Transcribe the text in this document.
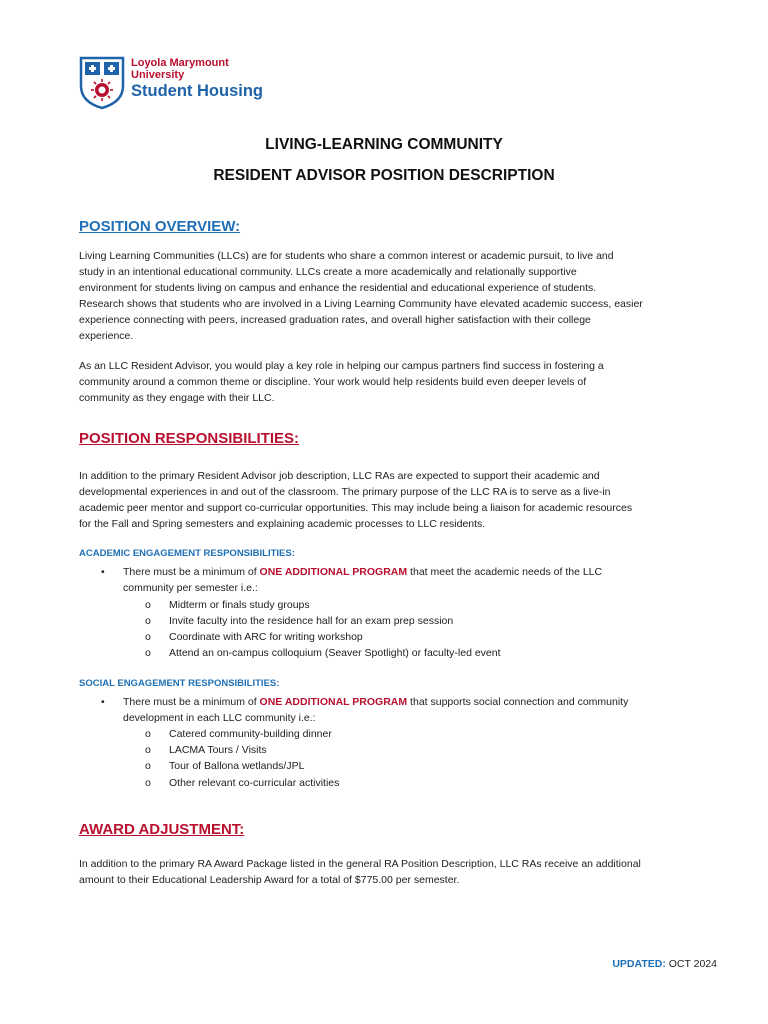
Loyola Marymount
University
Student Housing
LIVING-LEARNING COMMUNITY
RESIDENT ADVISOR POSITION DESCRIPTION
POSITION OVERVIEW:
Living Learning Communities (LLCs) are for students who share a common interest or academic pursuit, to live and
study in an intentional educational community. LLCs create a more academically and relationally supportive
environment for students living on campus and enhance the residential and educational experience of students.
Research shows that students who are involved in a Living Learning Community have elevated academic success, easier
experience connecting with peers, increased graduation rates, and overall higher satisfaction with their college
experience.
As an LLC Resident Advisor, you would play a key role in helping our campus partners find success in fostering a
community around a common theme or discipline. Your work would help residents build even deeper levels of
community as they engage with their LLC.
POSITION RESPONSIBILITIES:
In addition to the primary Resident Advisor job description, LLC RAs are expected to support their academic and
developmental experiences in and out of the classroom. The primary purpose of the LLC RA is to serve as a live-in
academic peer mentor and support co-curricular opportunities. This may include being a liaison for academic resources
for the Fall and Spring semesters and explaining academic processes to LLC residents.
ACADEMIC ENGAGEMENT RESPONSIBILITIES:
• There must be a minimum of ONE ADDITIONAL PROGRAM that meet the academic needs of the LLC
community per semester i.e.:
o Midterm or finals study groups
o Invite faculty into the residence hall for an exam prep session
o Coordinate with ARC for writing workshop
o Attend an on-campus colloquium (Seaver Spotlight) or faculty-led event
SOCIAL ENGAGEMENT RESPONSIBILITIES:
• There must be a minimum of ONE ADDITIONAL PROGRAM that supports social connection and community
development in each LLC community i.e.:
o Catered community-building dinner
o LACMA Tours / Visits
o Tour of Ballona wetlands/JPL
o Other relevant co-curricular activities
AWARD ADJUSTMENT:
In addition to the primary RA Award Package listed in the general RA Position Description, LLC RAs receive an additional
amount to their Educational Leadership Award for a total of $775.00 per semester.
UPDATED: OCT 2024
